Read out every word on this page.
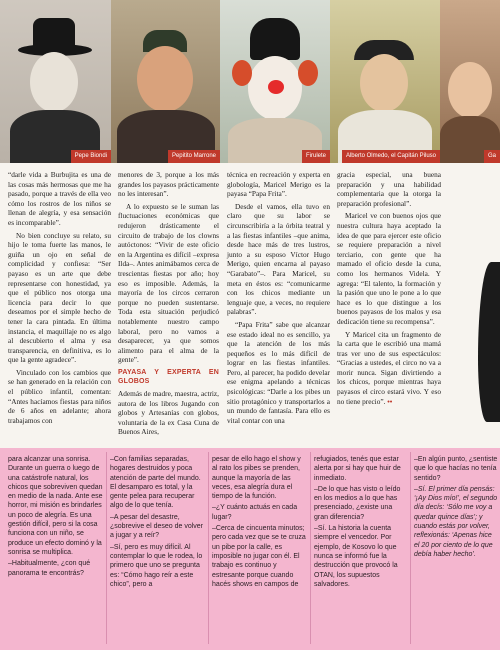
Pepe Biondi	Pepitito Marrone	Firulete	Alberto Olmedo, el Capitán Piluso	Ga

“darle vida a Burbujita es una de las cosas más hermosas que me ha pasado, porque a través de ella veo cómo los rostros de los niños se llenan de alegría, y esa sensación es incomparable”.

No bien concluye su relato, su hijo le toma fuerte las manos, le guiña un ojo en señal de complicidad y confiesa: “Ser payaso es un arte que debe representarse con honestidad, ya que el público nos otorga una licencia para decir lo que deseamos por el simple hecho de tener la cara pintada. En última instancia, el maquillaje no es algo al descubierto el alma y esa transparencia, en definitiva, es lo que la gente agradece”.

Vinculado con los cambios que se han generado en la relación con el público infantil, comentan: “Antes hacíamos fiestas para niños de 6 años en adelante; ahora trabajamos con

menores de 3, porque a los más grandes los payasos prácticamente no les interesan”.

A lo expuesto se le suman las fluctuaciones económicas que redujeron drásticamente el circuito de trabajo de los clowns autóctonos: “Vivir de este oficio en la Argentina es difícil –expresa Ilda–. Antes animábamos cerca de trescientas fiestas por año; hoy eso es imposible. Además, la mayoría de los circos cerraron porque no pueden sustentarse. Toda esta situación perjudicó notablemente nuestro campo laboral, pero no vamos a desaparecer, ya que somos alimento para el alma de la gente”.

PAYASA Y EXPERTA EN GLOBOS

Además de madre, maestra, actriz, autora de los libros Jugando con globos y Artesanías con globos, voluntaria de la ex Casa Cuna de Buenos Aires,

técnica en recreación y experta en globología, Maricel Merigo es la payasa “Papa Frita”.

Desde el vamos, ella tuvo en claro que su labor se circunscribiría a la órbita teatral y a las fiestas infantiles –que anima, desde hace más de tres lustros, junto a su esposo Víctor Hugo Merigo, quien encarna al payaso “Garabato”–. Para Maricel, su meta en éstos es: “comunicarme con los chicos mediante un lenguaje que, a veces, no requiere palabras”.

“Papa Frita” sabe que alcanzar ese estado ideal no es sencillo, ya que la atención de los más pequeños es lo más difícil de lograr en las fiestas infantiles. Pero, al parecer, ha podido develar ese enigma apelando a técnicas psicológicas: “Darle a los pibes un sitio protagónico y transportarlos a un mundo de fantasía. Para ello es vital contar con una

gracia especial, una buena preparación y una habilidad complementaria que la otorga la preparación profesional”.

Maricel ve con buenos ojos que nuestra cultura haya aceptado la idea de que para ejercer este oficio se requiere preparación a nivel terciario, con gente que ha mamado el oficio desde la cuna, como los hermanos Videla. Y agrega: “El talento, la formación y la pasión que uno le pone a lo que hace es lo que distingue a los buenos payasos de los malos y esa dedicación tiene su recompensa”.

Y Maricel cita un fragmento de la carta que le escribió una mamá tras ver uno de sus espectáculos: “Gracias a ustedes, el circo no va a morir nunca. Sigan divirtiendo a los chicos, porque mientras haya payasos el circo estará vivo. Y eso no tiene precio”. ••

para alcanzar una sonrisa. Durante un guerra o luego de una catástrofe natural, los chicos que sobreviven quedan en medio de la nada. Ante ese horror, mi misión es brindarles un poco de alegría. Es una gestión difícil, pero si la cosa funciona con un niño, se produce un efecto dominó y la sonrisa se multiplica.

–Habitualmente, ¿con qué panorama te encontrás?

–Con familias separadas, hogares destruidos y poca atención de parte del mundo. El desamparo es total, y la gente pelea para recuperar algo de lo que tenía.

–A pesar del desastre, ¿sobrevive el deseo de volver a jugar y a reír?

–Sí, pero es muy difícil. Al contemplar lo que le rodea, lo primero que uno se pregunta es: “Cómo hago reír a este chico”, pero a

pesar de ello hago el show y al rato los pibes se prenden, aunque la mayoría de las veces, esa alegría dura el tiempo de la función.

–¿Y cuánto actuás en cada lugar?

–Cerca de cincuenta minutos; pero cada vez que se te cruza un pibe por la calle, es imposible no jugar con él. El trabajo es continuo y estresante porque cuando hacés shows en campos de

refugiados, tenés que estar alerta por si hay que huir de inmediato.

–De lo que has visto o leído en los medios a lo que has presenciado, ¿existe una gran diferencia?

–Sí. La historia la cuenta siempre el vencedor. Por ejemplo, de Kosovo lo que nunca se informó fue la destrucción que provocó la OTAN, los supuestos salvadores.

–En algún punto, ¿sentiste que lo que hacías no tenía sentido?

–Sí. El primer día pensás: ‘¡Ay Dios mío!’, el segundo día decís: ‘Sólo me voy a quedar quince días’; y cuando estás por volver, reflexionás: ‘Apenas hice el 20 por ciento de lo que debía haber hecho’.
